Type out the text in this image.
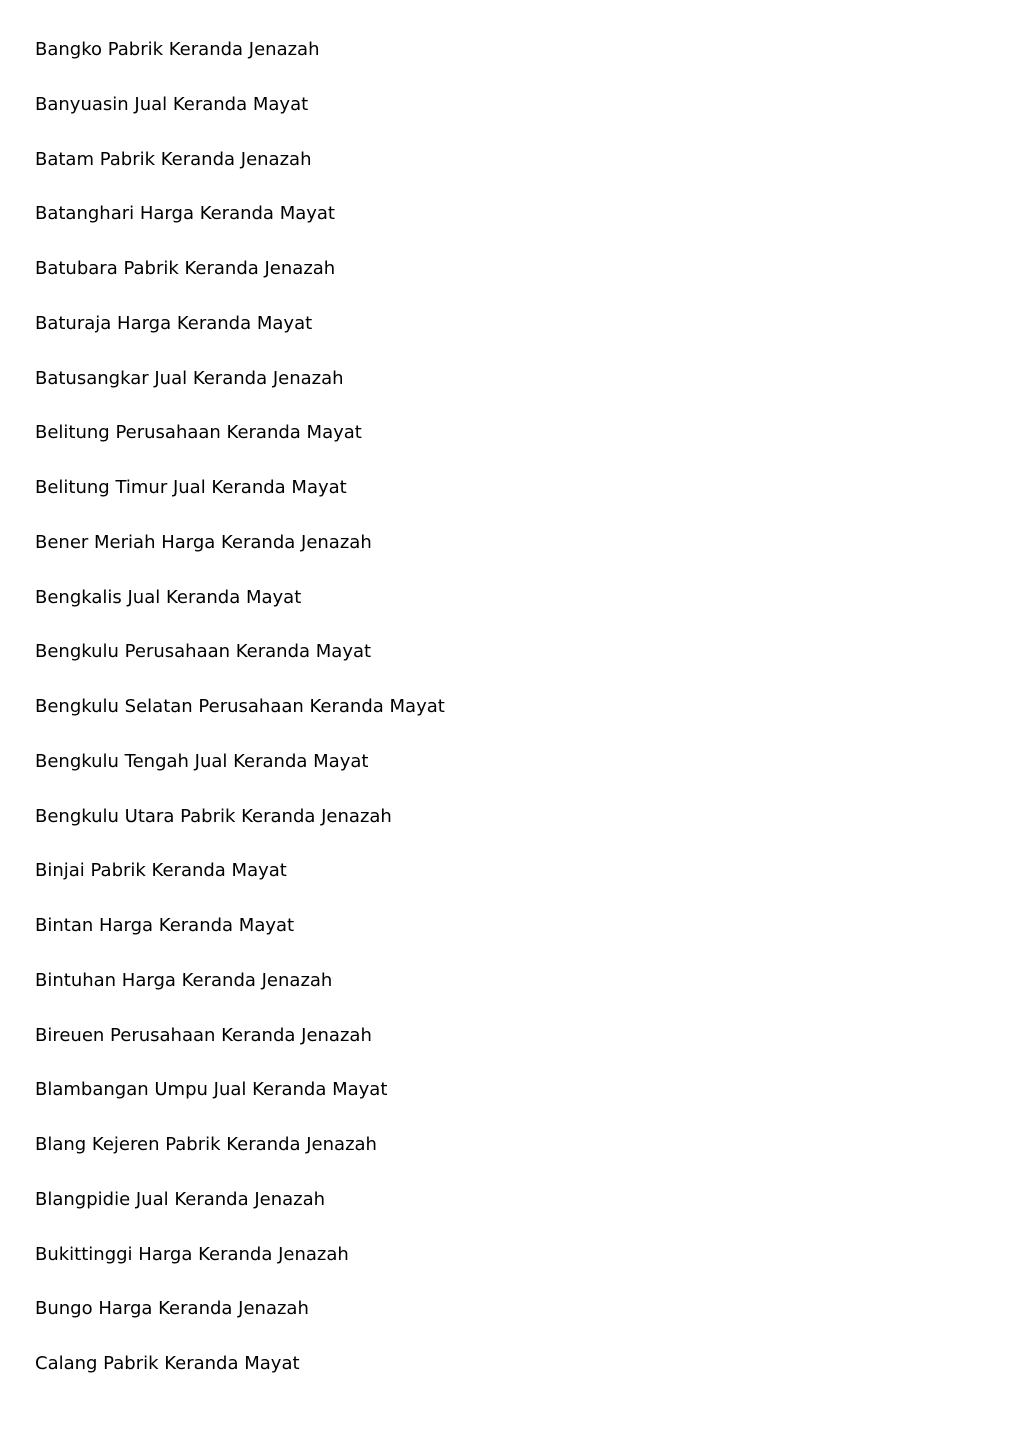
Bangko Pabrik Keranda Jenazah
Banyuasin Jual Keranda Mayat
Batam Pabrik Keranda Jenazah
Batanghari Harga Keranda Mayat
Batubara Pabrik Keranda Jenazah
Baturaja Harga Keranda Mayat
Batusangkar Jual Keranda Jenazah
Belitung Perusahaan Keranda Mayat
Belitung Timur Jual Keranda Mayat
Bener Meriah Harga Keranda Jenazah
Bengkalis Jual Keranda Mayat
Bengkulu Perusahaan Keranda Mayat
Bengkulu Selatan Perusahaan Keranda Mayat
Bengkulu Tengah Jual Keranda Mayat
Bengkulu Utara Pabrik Keranda Jenazah
Binjai Pabrik Keranda Mayat
Bintan Harga Keranda Mayat
Bintuhan Harga Keranda Jenazah
Bireuen Perusahaan Keranda Jenazah
Blambangan Umpu Jual Keranda Mayat
Blang Kejeren Pabrik Keranda Jenazah
Blangpidie Jual Keranda Jenazah
Bukittinggi Harga Keranda Jenazah
Bungo Harga Keranda Jenazah
Calang Pabrik Keranda Mayat
